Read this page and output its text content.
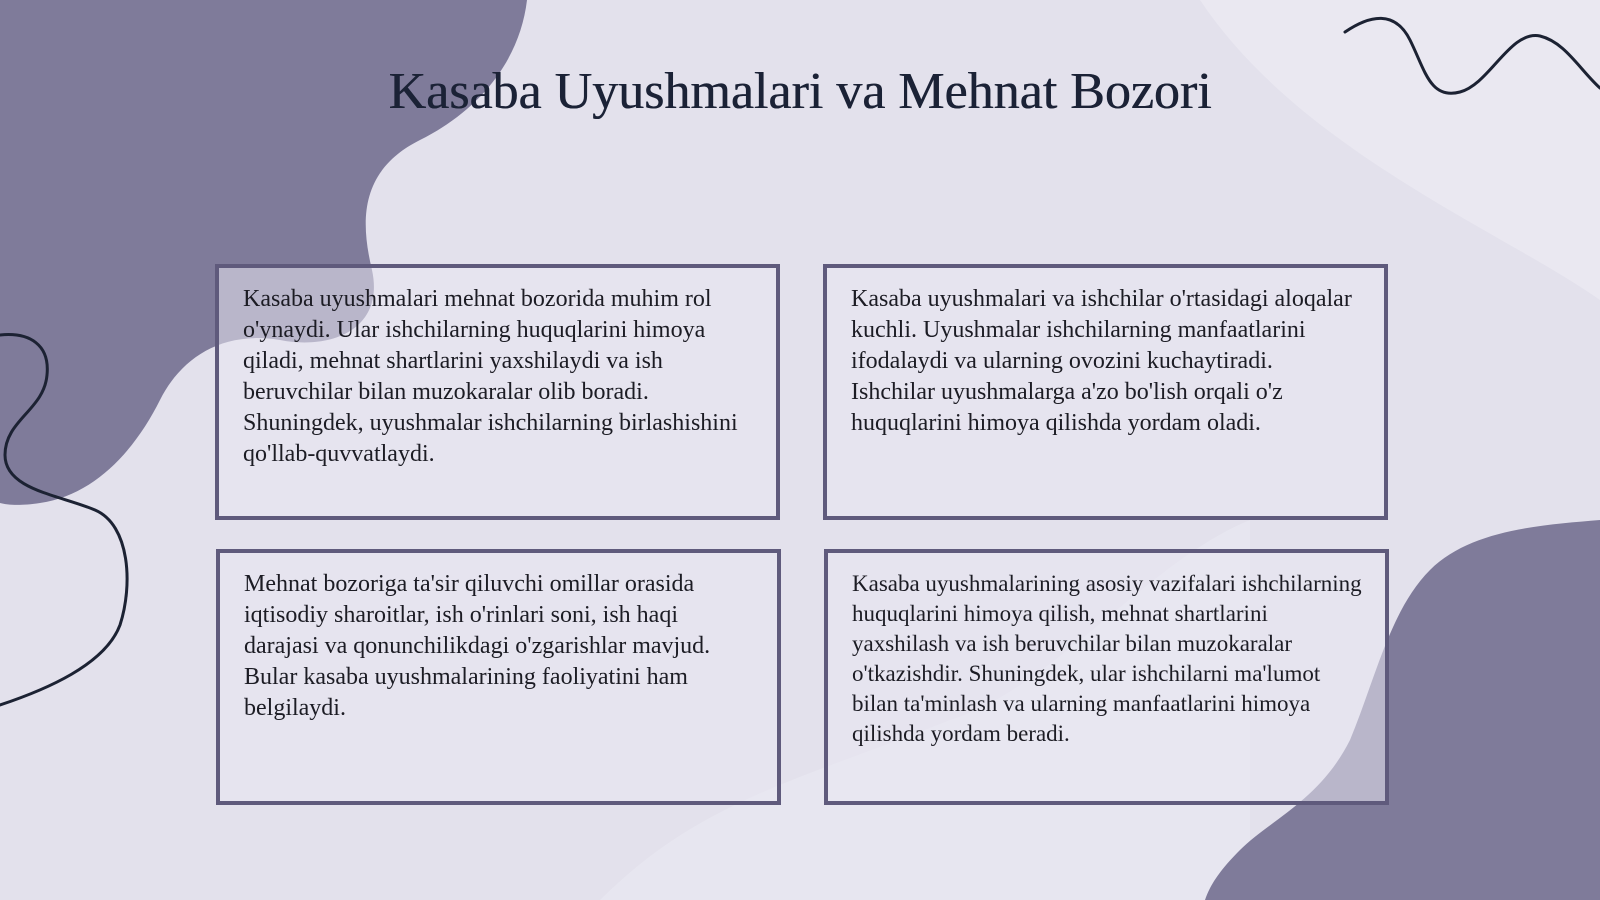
Kasaba Uyushmalari va Mehnat Bozori

Kasaba uyushmalari mehnat bozorida muhim rol o'ynaydi. Ular ishchilarning huquqlarini himoya qiladi, mehnat shartlarini yaxshilaydi va ish beruvchilar bilan muzokaralar olib boradi. Shuningdek, uyushmalar ishchilarning birlashishini qo'llab-quvvatlaydi.

Kasaba uyushmalari va ishchilar o'rtasidagi aloqalar kuchli. Uyushmalar ishchilarning manfaatlarini ifodalaydi va ularning ovozini kuchaytiradi. Ishchilar uyushmalarga a'zo bo'lish orqali o'z huquqlarini himoya qilishda yordam oladi.

Mehnat bozoriga ta'sir qiluvchi omillar orasida iqtisodiy sharoitlar, ish o'rinlari soni, ish haqi darajasi va qonunchilikdagi o'zgarishlar mavjud. Bular kasaba uyushmalarining faoliyatini ham belgilaydi.

Kasaba uyushmalarining asosiy vazifalari ishchilarning huquqlarini himoya qilish, mehnat shartlarini yaxshilash va ish beruvchilar bilan muzokaralar o'tkazishdir. Shuningdek, ular ishchilarni ma'lumot bilan ta'minlash va ularning manfaatlarini himoya qilishda yordam beradi.
